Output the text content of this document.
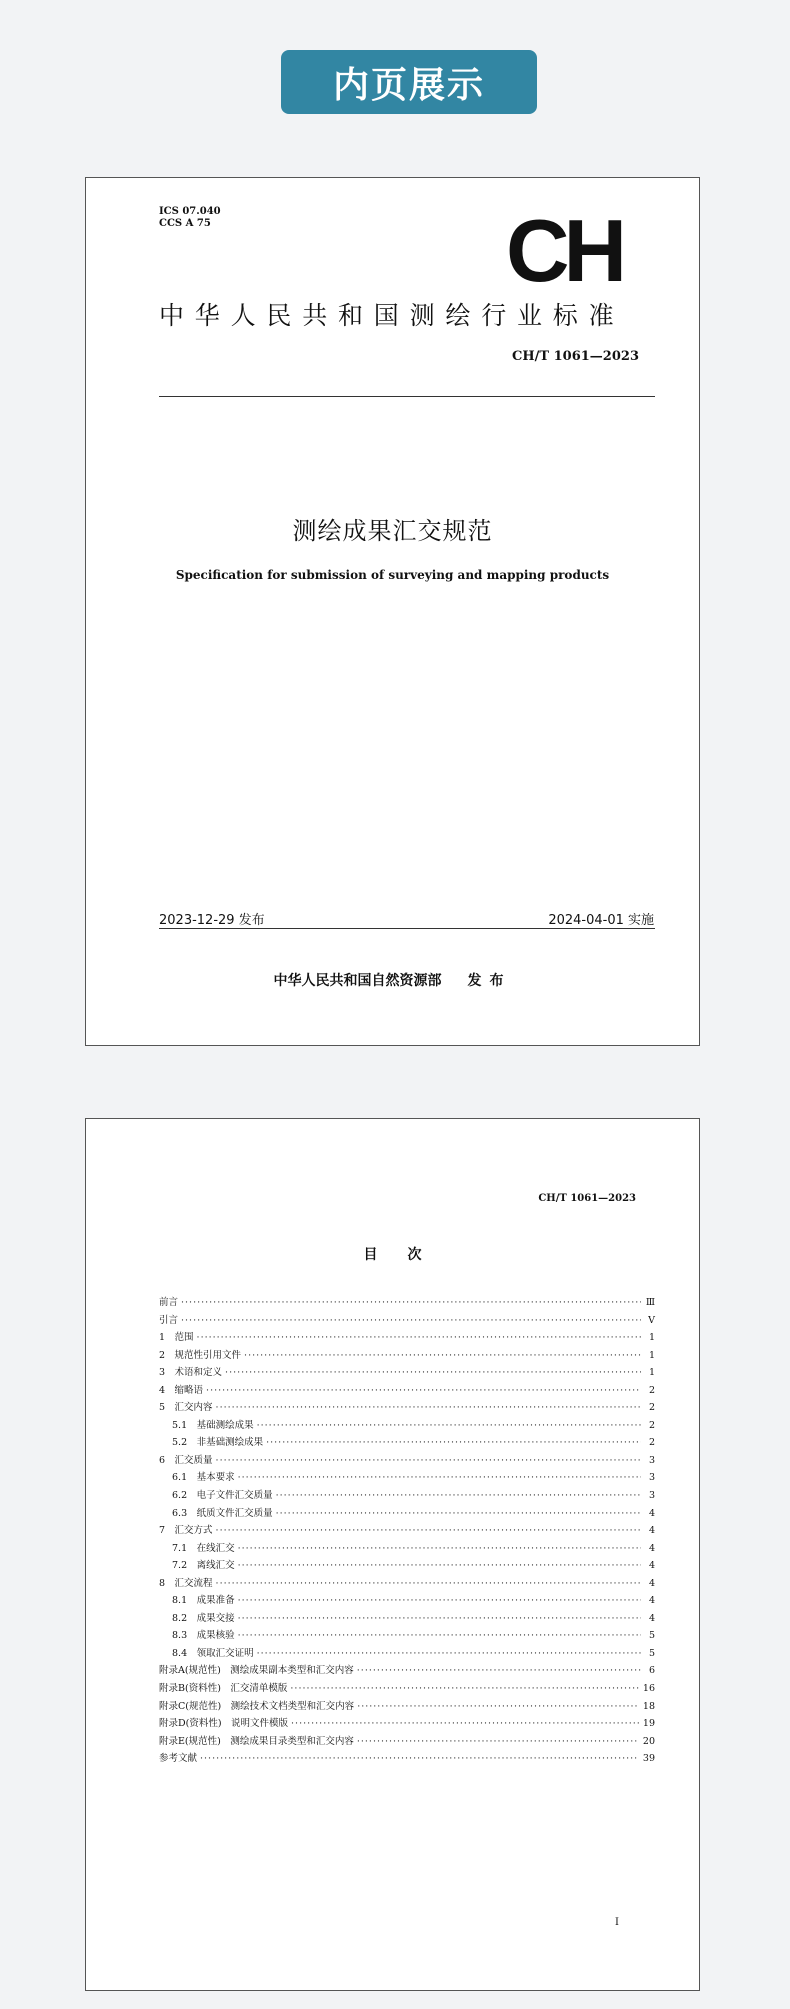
内页展示
ICS 07.040
CCS A 75	CH
中华人民共和国测绘行业标准
CH/T 1061—2023
测绘成果汇交规范
Specification for submission of surveying and mapping products
2023-12-29 发布	2024-04-01 实施
中华人民共和国自然资源部 发布
CH/T 1061—2023
目次
前言 ·····	Ⅲ
引言 ·····	Ⅴ
1　范围 ·····	1
2　规范性引用文件 ·····	1
3　术语和定义 ·····	1
4　缩略语 ·····	2
5　汇交内容 ·····	2
5.1　基础测绘成果 ·····	2
5.2　非基础测绘成果 ·····	2
6　汇交质量 ·····	3
6.1　基本要求 ·····	3
6.2　电子文件汇交质量 ·····	3
6.3　纸质文件汇交质量 ·····	4
7　汇交方式 ·····	4
7.1　在线汇交 ·····	4
7.2　离线汇交 ·····	4
8　汇交流程 ·····	4
8.1　成果准备 ·····	4
8.2　成果交接 ·····	4
8.3　成果核验 ·····	5
8.4　领取汇交证明 ·····	5
附录A(规范性)　测绘成果副本类型和汇交内容 ·····	6
附录B(资料性)　汇交清单模版 ·····	16
附录C(规范性)　测绘技术文档类型和汇交内容 ·····	18
附录D(资料性)　说明文件模版 ·····	19
附录E(规范性)　测绘成果目录类型和汇交内容 ·····	20
参考文献 ·····	39
I
